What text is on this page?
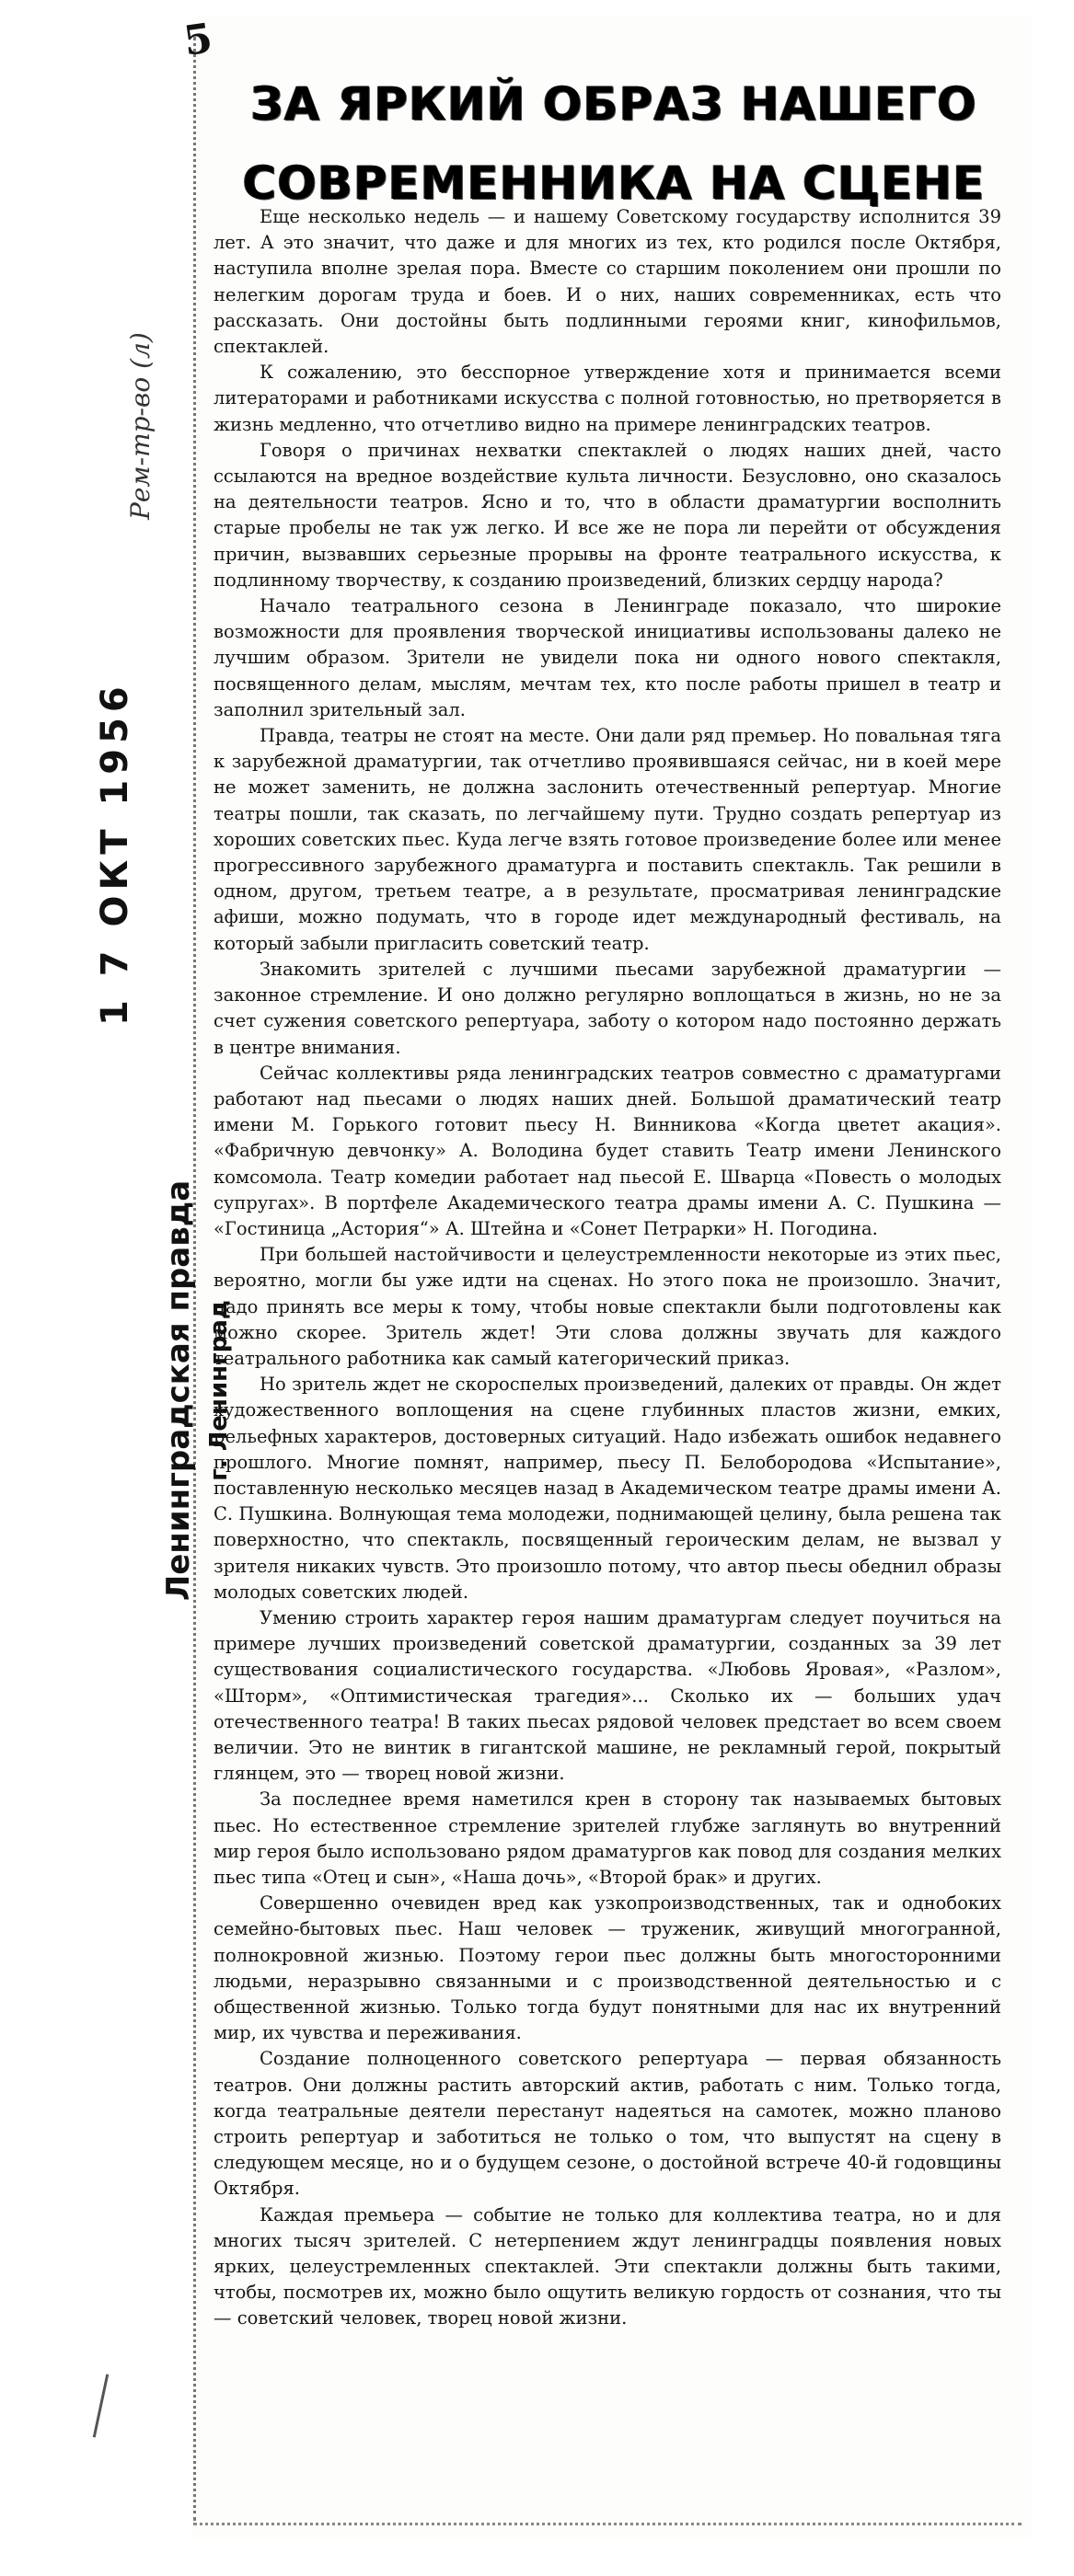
5
ЗА ЯРКИЙ ОБРАЗ НАШЕГО СОВРЕМЕННИКА НА СЦЕНЕ

Еще несколько недель — и нашему Советскому государству исполнится 39 лет. А это значит, что даже и для многих из тех, кто родился после Октября, наступила вполне зрелая пора. Вместе со старшим поколением они прошли по нелегким дорогам труда и боев. И о них, наших современниках, есть что рассказать. Они достойны быть подлинными героями книг, кинофильмов, спектаклей.

К сожалению, это бесспорное утверждение хотя и принимается всеми литераторами и работниками искусства с полной готовностью, но претворяется в жизнь медленно, что отчетливо видно на примере ленинградских театров.

Говоря о причинах нехватки спектаклей о людях наших дней, часто ссылаются на вредное воздействие культа личности. Безусловно, оно сказалось на деятельности театров. Ясно и то, что в области драматургии восполнить старые пробелы не так уж легко. И все же не пора ли перейти от обсуждения причин, вызвавших серьезные прорывы на фронте театрального искусства, к подлинному творчеству, к созданию произведений, близких сердцу народа?

Начало театрального сезона в Ленинграде показало, что широкие возможности для проявления творческой инициативы использованы далеко не лучшим образом. Зрители не увидели пока ни одного нового спектакля, посвященного делам, мыслям, мечтам тех, кто после работы пришел в театр и заполнил зрительный зал.

Правда, театры не стоят на месте. Они дали ряд премьер. Но повальная тяга к зарубежной драматургии, так отчетливо проявившаяся сейчас, ни в коей мере не может заменить, не должна заслонить отечественный репертуар. Многие театры пошли, так сказать, по легчайшему пути. Трудно создать репертуар из хороших советских пьес. Куда легче взять готовое произведение более или менее прогрессивного зарубежного драматурга и поставить спектакль. Так решили в одном, другом, третьем театре, а в результате, просматривая ленинградские афиши, можно подумать, что в городе идет международный фестиваль, на который забыли пригласить советский театр.

Знакомить зрителей с лучшими пьесами зарубежной драматургии — законное стремление. И оно должно регулярно воплощаться в жизнь, но не за счет сужения советского репертуара, заботу о котором надо постоянно держать в центре внимания.

Сейчас коллективы ряда ленинградских театров совместно с драматургами работают над пьесами о людях наших дней. Большой драматический театр имени М. Горького готовит пьесу Н. Винникова «Когда цветет акация». «Фабричную девчонку» А. Володина будет ставить Театр имени Ленинского комсомола. Театр комедии работает над пьесой Е. Шварца «Повесть о молодых супругах». В портфеле Академического театра драмы имени А. С. Пушкина — «Гостиница „Астория“» А. Штейна и «Сонет Петрарки» Н. Погодина.

При большей настойчивости и целеустремленности некоторые из этих пьес, вероятно, могли бы уже идти на сценах. Но этого пока не произошло. Значит, надо принять все меры к тому, чтобы новые спектакли были подготовлены как можно скорее. Зритель ждет! Эти слова должны звучать для каждого театрального работника как самый категорический приказ.

Но зритель ждет не скороспелых произведений, далеких от правды. Он ждет художественного воплощения на сцене глубинных пластов жизни, емких, рельефных характеров, достоверных ситуаций. Надо избежать ошибок недавнего прошлого. Многие помнят, например, пьесу П. Белобородова «Испытание», поставленную несколько месяцев назад в Академическом театре драмы имени А. С. Пушкина. Волнующая тема молодежи, поднимающей целину, была решена так поверхностно, что спектакль, посвященный героическим делам, не вызвал у зрителя никаких чувств. Это произошло потому, что автор пьесы обеднил образы молодых советских людей.

Умению строить характер героя нашим драматургам следует поучиться на примере лучших произведений советской драматургии, созданных за 39 лет существования социалистического государства. «Любовь Яровая», «Разлом», «Шторм», «Оптимистическая трагедия»... Сколько их — больших удач отечественного театра! В таких пьесах рядовой человек предстает во всем своем величии. Это не винтик в гигантской машине, не рекламный герой, покрытый глянцем, это — творец новой жизни.

За последнее время наметился крен в сторону так называемых бытовых пьес. Но естественное стремление зрителей глубже заглянуть во внутренний мир героя было использовано рядом драматургов как повод для создания мелких пьес типа «Отец и сын», «Наша дочь», «Второй брак» и других.

Совершенно очевиден вред как узкопроизводственных, так и однобоких семейно-бытовых пьес. Наш человек — труженик, живущий многогранной, полнокровной жизнью. Поэтому герои пьес должны быть многосторонними людьми, неразрывно связанными и с производственной деятельностью и с общественной жизнью. Только тогда будут понятными для нас их внутренний мир, их чувства и переживания.

Создание полноценного советского репертуара — первая обязанность театров. Они должны растить авторский актив, работать с ним. Только тогда, когда театральные деятели перестанут надеяться на самотек, можно планово строить репертуар и заботиться не только о том, что выпустят на сцену в следующем месяце, но и о будущем сезоне, о достойной встрече 40-й годовщины Октября.

Каждая премьера — событие не только для коллектива театра, но и для многих тысяч зрителей. С нетерпением ждут ленинградцы появления новых ярких, целеустремленных спектаклей. Эти спектакли должны быть такими, чтобы, посмотрев их, можно было ощутить великую гордость от сознания, что ты — советский человек, творец новой жизни.

Рем-тр-во (л)
1 7 ОКТ 1956
Ленинградская правда г. Ленинград
